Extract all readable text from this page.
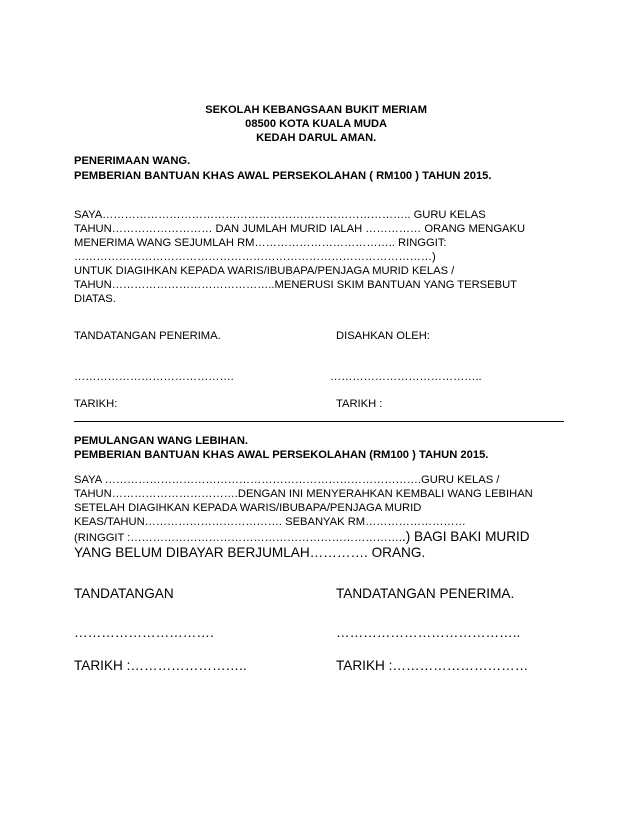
SEKOLAH KEBANGSAAN BUKIT MERIAM
08500 KOTA KUALA MUDA
KEDAH DARUL AMAN.
PENERIMAAN WANG.
PEMBERIAN BANTUAN KHAS AWAL PERSEKOLAHAN ( RM100 ) TAHUN 2015.
SAYA……………………………………………………………………….. GURU KELAS
TAHUN……………………… DAN JUMLAH MURID IALAH …………… ORANG MENGAKU
MENERIMA WANG SEJUMLAH RM……………………………….. RINGGIT:
……………………………………………………………………………………)
UNTUK DIAGIHKAN KEPADA WARIS/IBUBAPA/PENJAGA MURID KELAS /
TAHUN……………………………………..MENERUSI SKIM BANTUAN YANG TERSEBUT
DIATAS.
TANDATANGAN PENERIMA.	DISAHKAN OLEH:
…………………………………….	…………………………………..
TARIKH:	TARIKH :
PEMULANGAN WANG LEBIHAN.
PEMBERIAN BANTUAN KHAS AWAL PERSEKOLAHAN (RM100 ) TAHUN 2015.
SAYA ………………………………………………………………………….GURU KELAS /
TAHUN…………………………….DENGAN INI MENYERAHKAN KEMBALI WANG LEBIHAN
SETELAH DIAGIHKAN KEPADA WARIS/IBUBAPA/PENJAGA MURID
KEAS/TAHUN………………………………. SEBANYAK RM………………………
(RINGGIT :………………………………………………………………..) BAGI BAKI MURID
YANG BELUM DIBAYAR BERJUMLAH…………. ORANG.
TANDATANGAN	TANDATANGAN PENERIMA.
………………………….	…………………………………..
TARIKH :……………………..	TARIKH :…………………………
